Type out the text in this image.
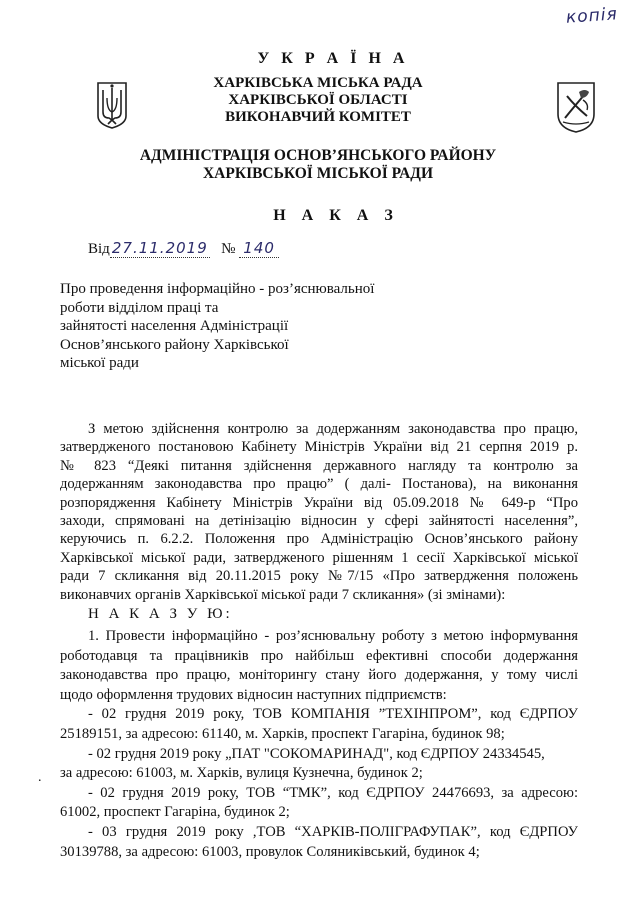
копія
У К Р А Ї Н А
ХАРКІВСЬКА МІСЬКА РАДА
ХАРКІВСЬКОЇ ОБЛАСТІ
ВИКОНАВЧИЙ КОМІТЕТ
АДМІНІСТРАЦІЯ ОСНОВ’ЯНСЬКОГО РАЙОНУ
ХАРКІВСЬКОЇ МІСЬКОЇ РАДИ
Н А К А З
Від 27.11.2019 № 140
Про проведення інформаційно - роз’яснювальної
роботи відділом праці та
зайнятості населення Адміністрації
Основ’янського району Харківської
міської ради
З метою здійснення контролю за додержанням законодавства про працю,
затвердженого постановою Кабінету Міністрів України від 21 серпня 2019 р.
№ 823 “Деякі питання здійснення державного нагляду та контролю за
додержанням законодавства про працю” ( далі- Постанова), на виконання
розпорядження Кабінету Міністрів України від 05.09.2018 № 649-р “Про
заходи, спрямовані на детінізацію відносин у сфері зайнятості населення”,
керуючись п. 6.2.2. Положення про Адміністрацію Основ’янського району
Харківської міської ради, затвердженого рішенням 1 сесії Харківської міської
ради 7 скликання від 20.11.2015 року №7/15 «Про затвердження положень
виконавчих органів Харківської міської ради 7 скликання» (зі змінами):
Н А К А З У Ю:
1. Провести інформаційно - роз’яснювальну роботу з метою інформування
роботодавця та працівників про найбільш ефективні способи додержання
законодавства про працю, моніторингу стану його додержання, у тому числі
щодо оформлення трудових відносин наступних підприємств:
- 02 грудня 2019 року, ТОВ КОМПАНІЯ ”ТЕХІНПРОМ”, код ЄДРПОУ
25189151, за адресою: 61140, м. Харків, проспект Гагаріна, будинок 98;
- 02 грудня 2019 року „ПАТ "СОКОМАРИНАД", код ЄДРПОУ 24334545,
за адресою: 61003, м. Харків, вулиця Кузнечна, будинок 2;
- 02 грудня 2019 року, ТОВ “ТМК”, код ЄДРПОУ 24476693, за адресою:
61002, проспект Гагаріна, будинок 2;
- 03 грудня 2019 року ,ТОВ “ХАРКІВ-ПОЛІГРАФУПАК”, код ЄДРПОУ
30139788, за адресою: 61003, провулок Соляниківський, будинок 4;
.
